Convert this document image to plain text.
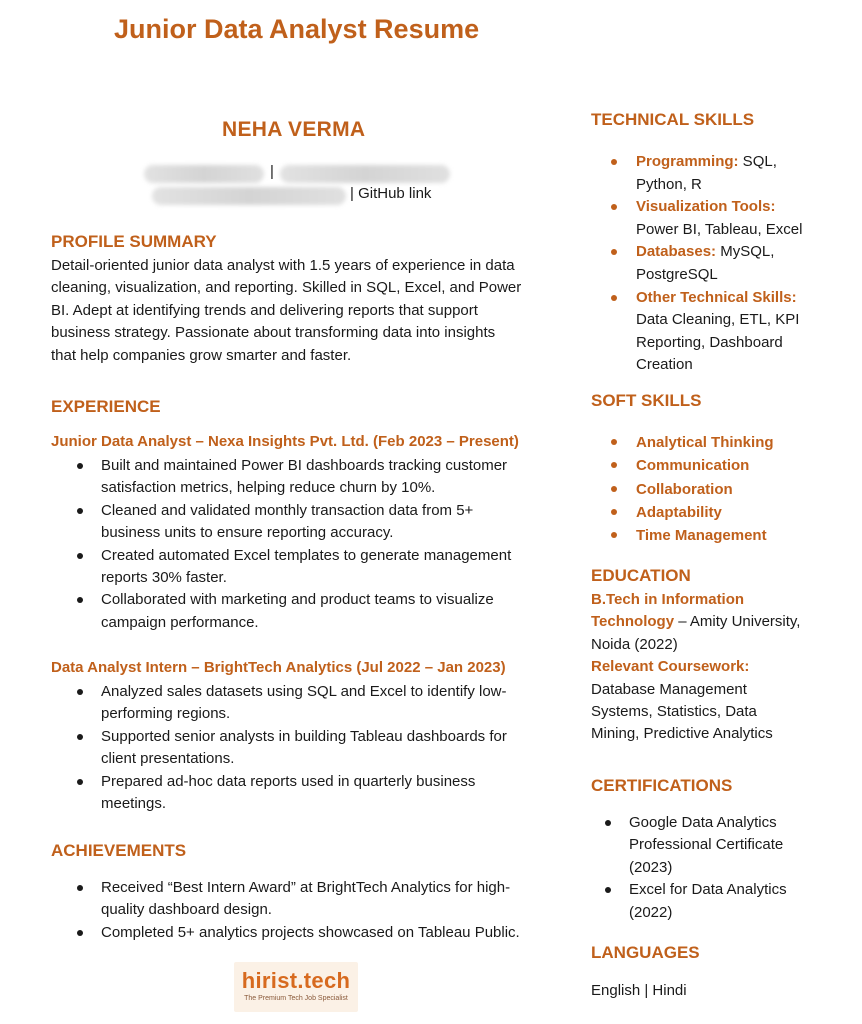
Junior Data Analyst Resume
NEHA VERMA
|
| GitHub link
PROFILE SUMMARY
Detail-oriented junior data analyst with 1.5 years of experience in data
cleaning, visualization, and reporting. Skilled in SQL, Excel, and Power
BI. Adept at identifying trends and delivering reports that support
business strategy. Passionate about transforming data into insights
that help companies grow smarter and faster.
EXPERIENCE
Junior Data Analyst – Nexa Insights Pvt. Ltd. (Feb 2023 – Present)
Built and maintained Power BI dashboards tracking customer
satisfaction metrics, helping reduce churn by 10%.
Cleaned and validated monthly transaction data from 5+
business units to ensure reporting accuracy.
Created automated Excel templates to generate management
reports 30% faster.
Collaborated with marketing and product teams to visualize
campaign performance.
Data Analyst Intern – BrightTech Analytics (Jul 2022 – Jan 2023)
Analyzed sales datasets using SQL and Excel to identify low-
performing regions.
Supported senior analysts in building Tableau dashboards for
client presentations.
Prepared ad-hoc data reports used in quarterly business
meetings.
ACHIEVEMENTS
Received “Best Intern Award” at BrightTech Analytics for high-
quality dashboard design.
Completed 5+ analytics projects showcased on Tableau Public.
TECHNICAL SKILLS
Programming: SQL,
Python, R
Visualization Tools:
Power BI, Tableau, Excel
Databases: MySQL,
PostgreSQL
Other Technical Skills:
Data Cleaning, ETL, KPI
Reporting, Dashboard
Creation
SOFT SKILLS
Analytical Thinking
Communication
Collaboration
Adaptability
Time Management
EDUCATION
B.Tech in Information
Technology – Amity University,
Noida (2022)
Relevant Coursework:
Database Management
Systems, Statistics, Data
Mining, Predictive Analytics
CERTIFICATIONS
Google Data Analytics
Professional Certificate
(2023)
Excel for Data Analytics
(2022)
LANGUAGES
English | Hindi
hirist.tech
The Premium Tech Job Specialist
